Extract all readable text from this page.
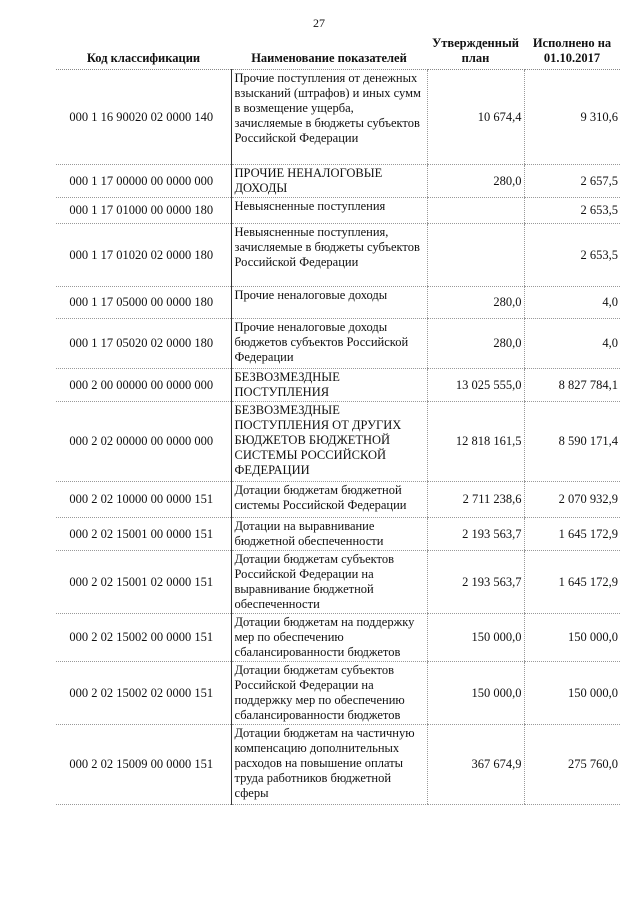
27
Код классификации	Наименование показателей	Утвержденный план	Исполнено на 01.10.2017
000 1 16 90020 02 0000 140	Прочие поступления от денежных взысканий (штрафов) и иных сумм в возмещение ущерба, зачисляемые в бюджеты субъектов Российской Федерации	10 674,4	9 310,6
000 1 17 00000 00 0000 000	ПРОЧИЕ НЕНАЛОГОВЫЕ ДОХОДЫ	280,0	2 657,5
000 1 17 01000 00 0000 180	Невыясненные поступления		2 653,5
000 1 17 01020 02 0000 180	Невыясненные поступления, зачисляемые в бюджеты субъектов Российской Федерации		2 653,5
000 1 17 05000 00 0000 180	Прочие неналоговые доходы	280,0	4,0
000 1 17 05020 02 0000 180	Прочие неналоговые доходы бюджетов субъектов Российской Федерации	280,0	4,0
000 2 00 00000 00 0000 000	БЕЗВОЗМЕЗДНЫЕ ПОСТУПЛЕНИЯ	13 025 555,0	8 827 784,1
000 2 02 00000 00 0000 000	БЕЗВОЗМЕЗДНЫЕ ПОСТУПЛЕНИЯ ОТ ДРУГИХ БЮДЖЕТОВ БЮДЖЕТНОЙ СИСТЕМЫ РОССИЙСКОЙ ФЕДЕРАЦИИ	12 818 161,5	8 590 171,4
000 2 02 10000 00 0000 151	Дотации бюджетам бюджетной системы Российской Федерации	2 711 238,6	2 070 932,9
000 2 02 15001 00 0000 151	Дотации на выравнивание бюджетной обеспеченности	2 193 563,7	1 645 172,9
000 2 02 15001 02 0000 151	Дотации бюджетам субъектов Российской Федерации на выравнивание бюджетной обеспеченности	2 193 563,7	1 645 172,9
000 2 02 15002 00 0000 151	Дотации бюджетам на поддержку мер по обеспечению сбалансированности бюджетов	150 000,0	150 000,0
000 2 02 15002 02 0000 151	Дотации бюджетам субъектов Российской Федерации на поддержку мер по обеспечению сбалансированности бюджетов	150 000,0	150 000,0
000 2 02 15009 00 0000 151	Дотации бюджетам на частичную компенсацию дополнительных расходов на повышение оплаты труда работников бюджетной сферы	367 674,9	275 760,0
